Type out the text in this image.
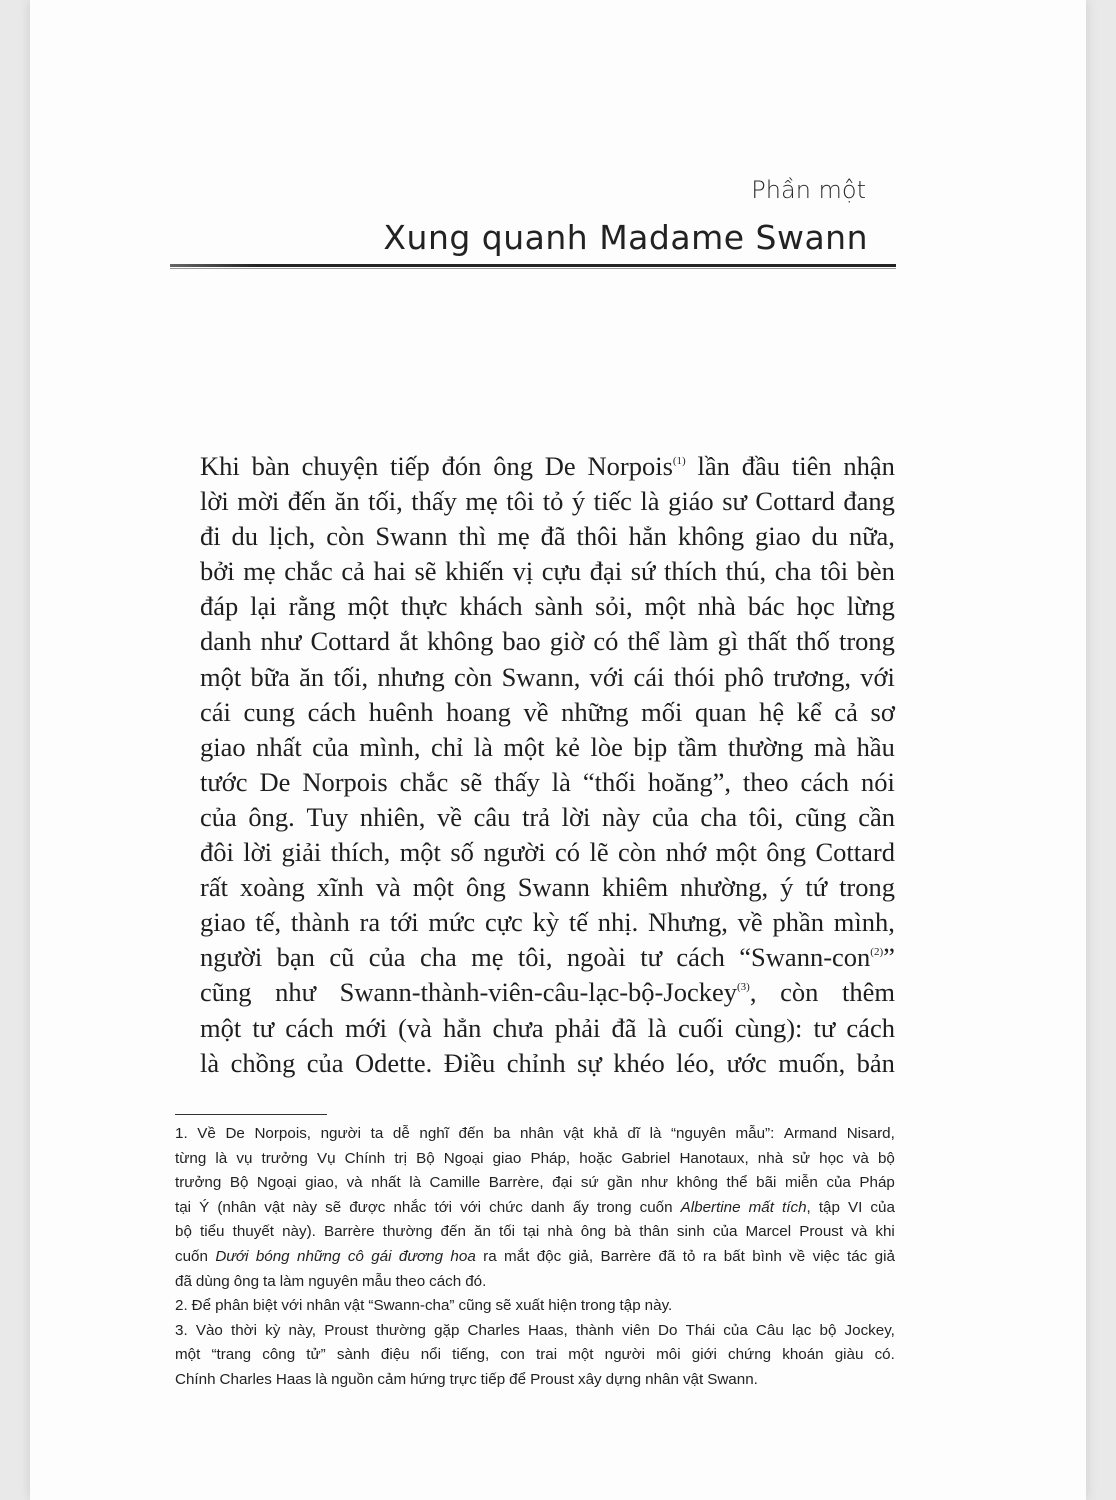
Phần một
Xung quanh Madame Swann
Khi bàn chuyện tiếp đón ông De Norpois$^{(1)}$ lần đầu tiên nhận
lời mời đến ăn tối, thấy mẹ tôi tỏ ý tiếc là giáo sư Cottard đang
đi du lịch, còn Swann thì mẹ đã thôi hẳn không giao du nữa,
bởi mẹ chắc cả hai sẽ khiến vị cựu đại sứ thích thú, cha tôi bèn
đáp lại rằng một thực khách sành sỏi, một nhà bác học lừng
danh như Cottard ắt không bao giờ có thể làm gì thất thố trong
một bữa ăn tối, nhưng còn Swann, với cái thói phô trương, với
cái cung cách huênh hoang về những mối quan hệ kể cả sơ
giao nhất của mình, chỉ là một kẻ lòe bịp tầm thường mà hầu
tước De Norpois chắc sẽ thấy là “thối hoăng”, theo cách nói
của ông. Tuy nhiên, về câu trả lời này của cha tôi, cũng cần
đôi lời giải thích, một số người có lẽ còn nhớ một ông Cottard
rất xoàng xĩnh và một ông Swann khiêm nhường, ý tứ trong
giao tế, thành ra tới mức cực kỳ tế nhị. Nhưng, về phần mình,
người bạn cũ của cha mẹ tôi, ngoài tư cách “Swann-con$^{(2)}$”
cũng như Swann-thành-viên-câu-lạc-bộ-Jockey$^{(3)}$, còn thêm
một tư cách mới (và hẳn chưa phải đã là cuối cùng): tư cách
là chồng của Odette. Điều chỉnh sự khéo léo, ước muốn, bản
1. Về De Norpois, người ta dễ nghĩ đến ba nhân vật khả dĩ là “nguyên mẫu”: Armand Nisard,
từng là vụ trưởng Vụ Chính trị Bộ Ngoại giao Pháp, hoặc Gabriel Hanotaux, nhà sử học và bộ
trưởng Bộ Ngoại giao, và nhất là Camille Barrère, đại sứ gần như không thể bãi miễn của Pháp
tại Ý (nhân vật này sẽ được nhắc tới với chức danh ấy trong cuốn Albertine mất tích, tập VI của
bộ tiểu thuyết này). Barrère thường đến ăn tối tại nhà ông bà thân sinh của Marcel Proust và khi
cuốn Dưới bóng những cô gái đương hoa ra mắt độc giả, Barrère đã tỏ ra bất bình về việc tác giả
đã dùng ông ta làm nguyên mẫu theo cách đó.
2. Để phân biệt với nhân vật “Swann-cha” cũng sẽ xuất hiện trong tập này.
3. Vào thời kỳ này, Proust thường gặp Charles Haas, thành viên Do Thái của Câu lạc bộ Jockey,
một “trang công tử” sành điệu nổi tiếng, con trai một người môi giới chứng khoán giàu có.
Chính Charles Haas là nguồn cảm hứng trực tiếp để Proust xây dựng nhân vật Swann.
